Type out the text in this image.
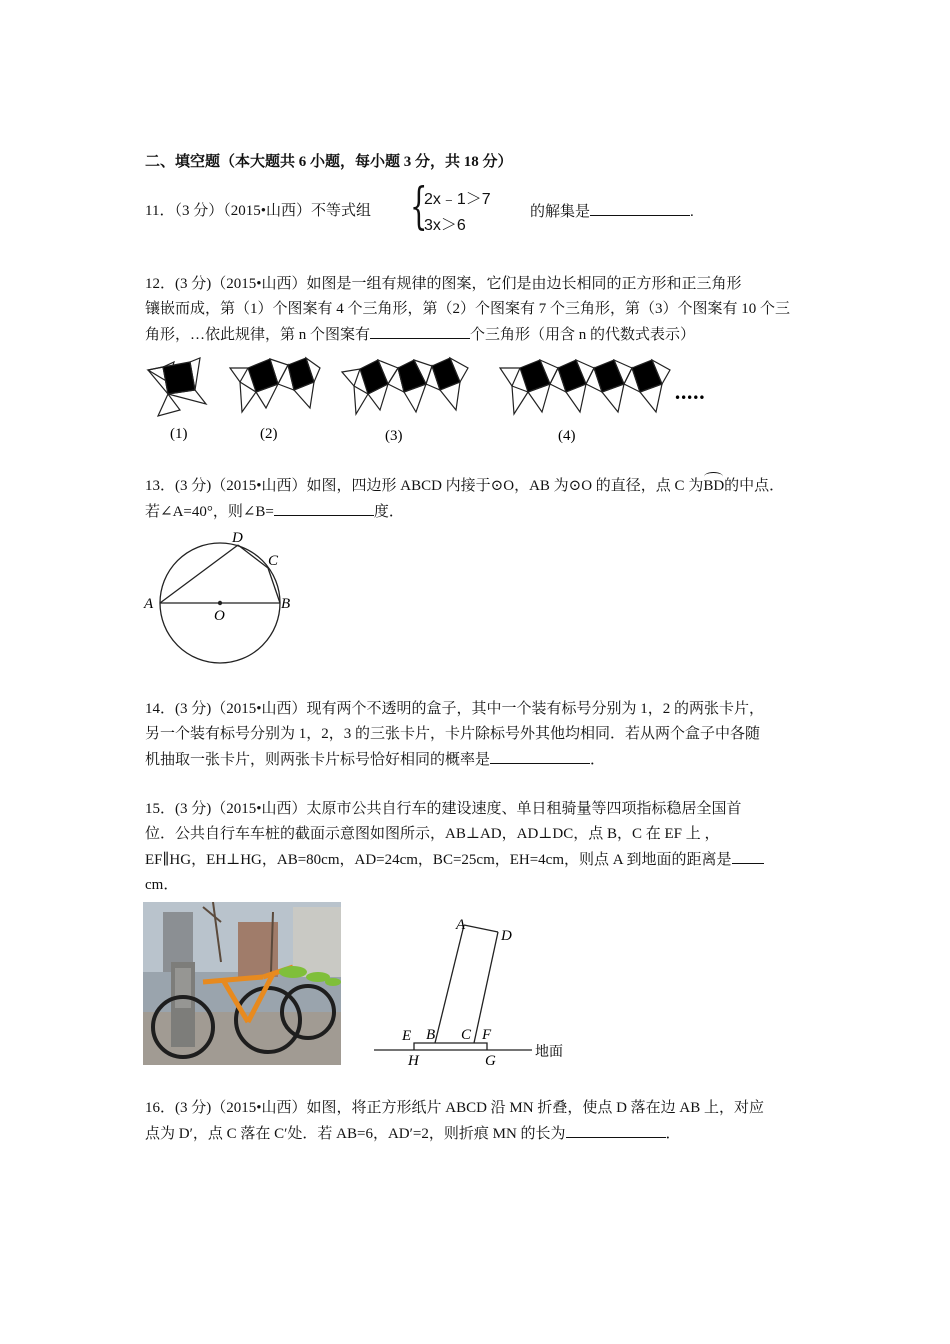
二、填空题（本大题共 6 小题，每小题 3 分，共 18 分）
11．（3 分）（2015•山西）不等式组 {
2x﹣1＞7
3x＞6
的解集是	.
12．(3 分)（2015•山西）如图是一组有规律的图案，它们是由边长相同的正方形和正三角形
镶嵌而成，第（1）个图案有 4 个三角形，第（2）个图案有 7 个三角形，第（3）个图案有 10 个三
角形，…依此规律，第 n 个图案有	个三角形（用含 n 的代数式表示）
(1)	(2)	(3)	(4)
•••••
13．(3 分)（2015•山西）如图，四边形 ABCD 内接于⊙O，AB 为⊙O 的直径，点 C 为BD的中点．
若∠A=40°，则∠B=	度．
A	B
C
D
O
14．(3 分)（2015•山西）现有两个不透明的盒子，其中一个装有标号分别为 1，2 的两张卡片，
另一个装有标号分别为 1，2，3 的三张卡片，卡片除标号外其他均相同．若从两个盒子中各随
机抽取一张卡片，则两张卡片标号恰好相同的概率是	．
15．(3 分)（2015•山西）太原市公共自行车的建设速度、单日租骑量等四项指标稳居全国首
位．公共自行车车桩的截面示意图如图所示，AB⊥AD，AD⊥DC，点 B，C 在 EF 上 ，
EF∥HG，EH⊥HG，AB=80cm，AD=24cm，BC=25cm，EH=4cm，则点 A 到地面的距离是
cm．
A
D
E B C F
H	G
地面
16．(3 分)（2015•山西）如图，将正方形纸片 ABCD 沿 MN 折叠，使点 D 落在边 AB 上，对应
点为 D′，点 C 落在 C′处．若 AB=6，AD′=2，则折痕 MN 的长为	．
